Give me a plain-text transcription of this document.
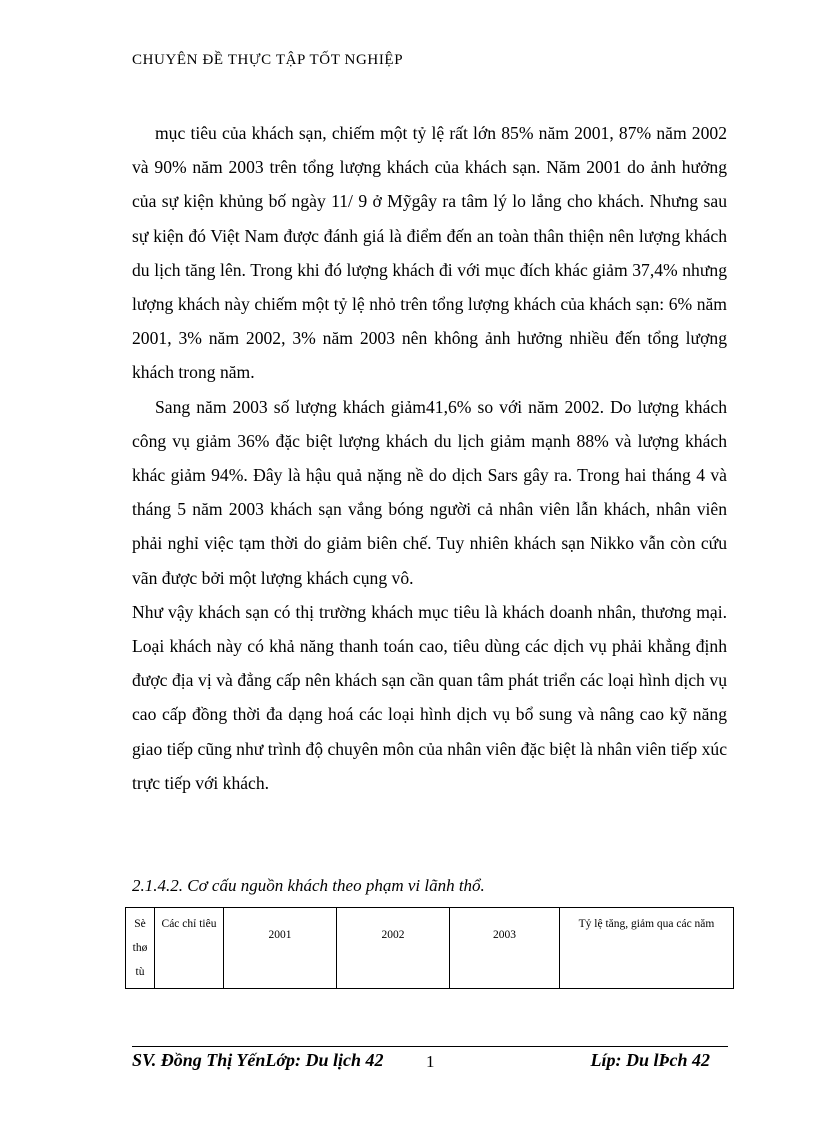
CHUYÊN ĐỀ THỰC TẬP TỐT NGHIỆP

mục tiêu của khách sạn, chiếm một tỷ lệ rất lớn 85% năm 2001, 87% năm 2002 và 90% năm 2003 trên tổng lượng khách của khách sạn. Năm 2001 do ảnh hưởng của sự kiện khủng bố ngày 11/ 9 ở Mỹgây ra tâm lý lo lắng cho khách. Nhưng sau sự kiện đó Việt Nam được đánh giá là điểm đến an toàn thân thiện nên lượng khách du lịch tăng lên. Trong khi đó lượng khách đi với mục đích khác giảm 37,4% nhưng lượng khách này chiếm một tỷ lệ nhỏ trên tổng lượng khách của khách sạn: 6% năm 2001, 3% năm 2002, 3% năm 2003 nên không ảnh hưởng nhiều đến tổng lượng khách trong năm.

Sang năm 2003 số lượng khách giảm41,6% so với năm 2002. Do lượng khách công vụ giảm 36% đặc biệt lượng khách du lịch giảm mạnh 88% và lượng khách khác giảm 94%. Đây là hậu quả nặng nề do dịch Sars gây ra. Trong hai tháng 4 và tháng 5 năm 2003 khách sạn vắng bóng người cả nhân viên lẫn khách, nhân viên phải nghỉ việc tạm thời do giảm biên chế. Tuy nhiên khách sạn Nikko vẫn còn cứu vãn được bởi một lượng khách cụng vô.

Như vậy khách sạn có thị trường khách mục tiêu là khách doanh nhân, thương mại. Loại khách này có khả năng thanh toán cao, tiêu dùng các dịch vụ phải khẳng định được địa vị và đẳng cấp nên khách sạn cần quan tâm phát triển các loại hình dịch vụ cao cấp đồng thời đa dạng hoá các loại hình dịch vụ bổ sung và nâng cao kỹ năng giao tiếp cũng như trình độ chuyên môn của nhân viên đặc biệt là nhân viên tiếp xúc trực tiếp với khách.

2.1.4.2. Cơ cấu nguồn khách theo phạm vi lãnh thổ.
Sè thø tù	Các chỉ tiêu	2001	2002	2003	Tỷ lệ tăng, giảm qua các năm
SV. Đồng Thị YếnLớp: Du lịch 42 1	Líp: Du lÞch 42
